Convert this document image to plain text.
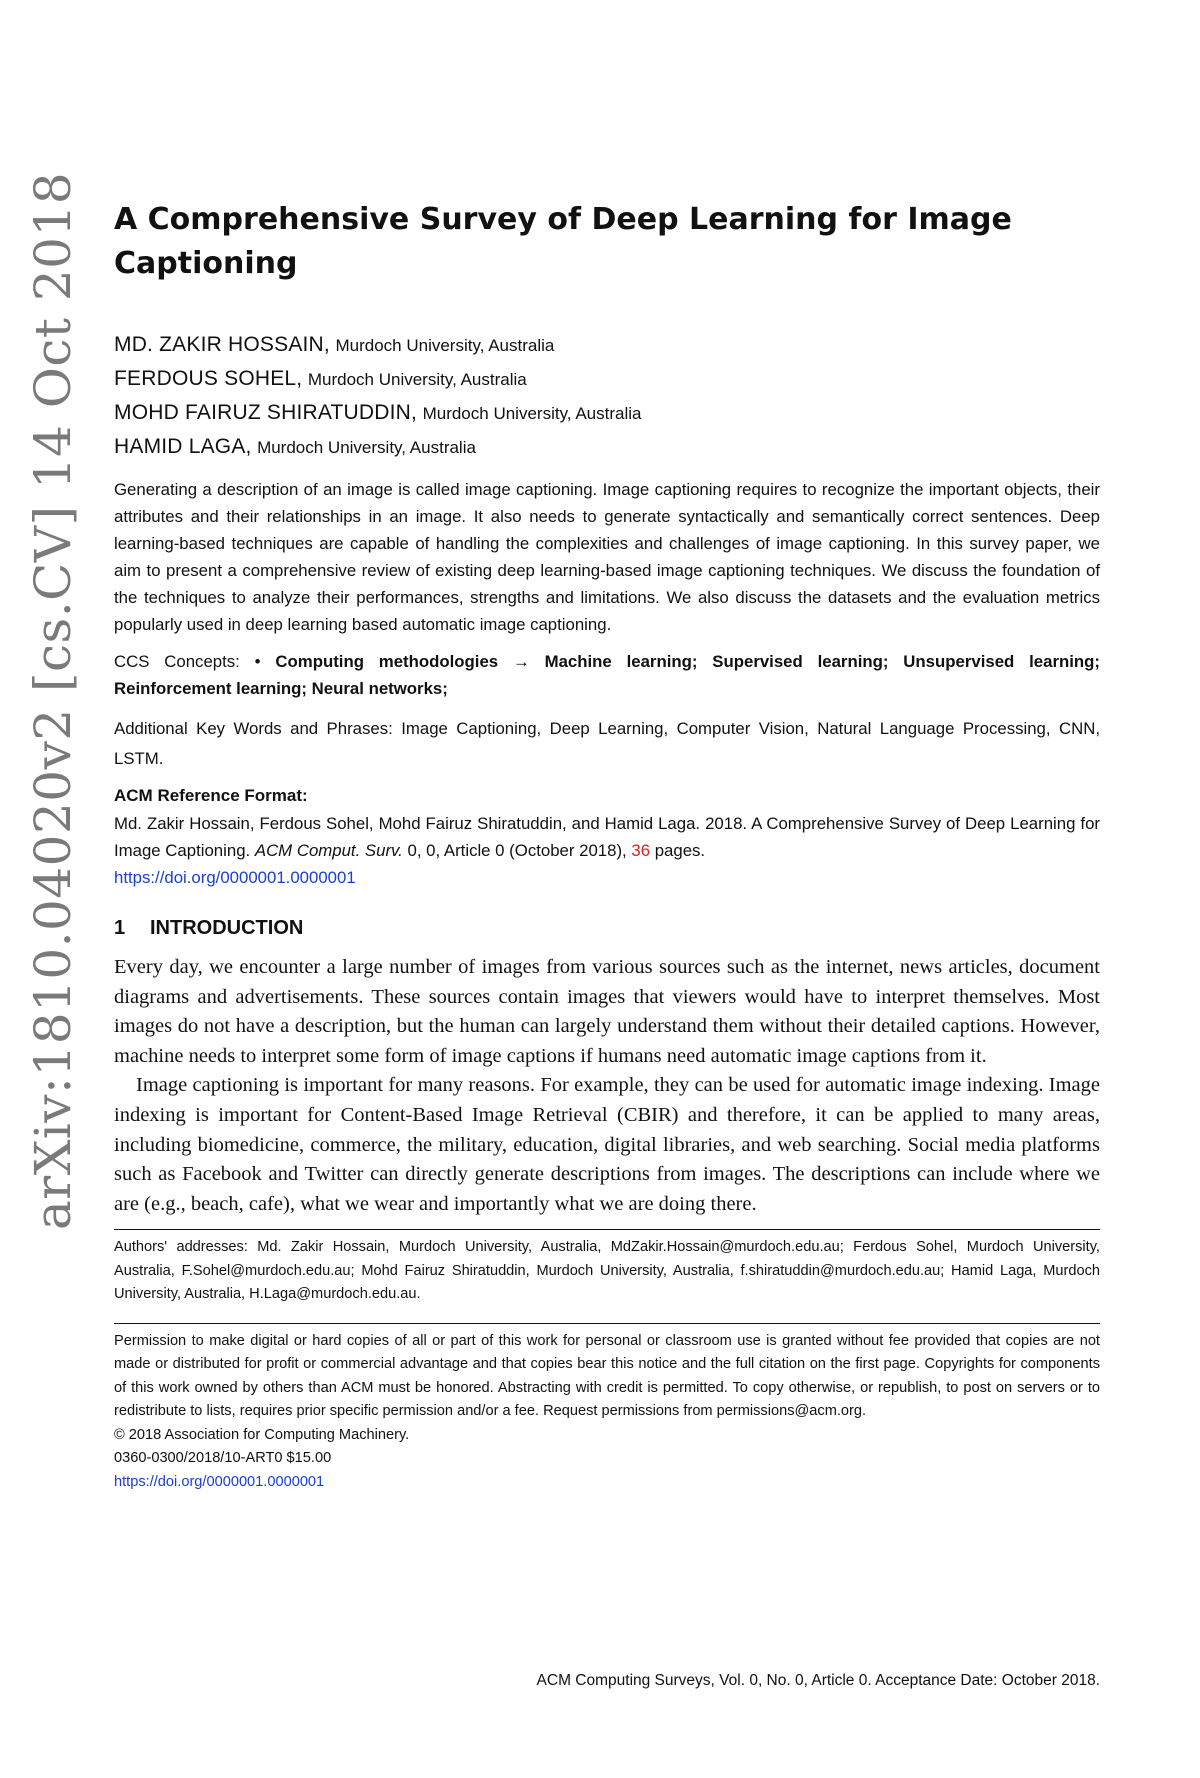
arXiv:1810.04020v2 [cs.CV] 14 Oct 2018 A Comprehensive Survey of Deep Learning for Image Captioning
MD. ZAKIR HOSSAIN, Murdoch University, Australia
FERDOUS SOHEL, Murdoch University, Australia
MOHD FAIRUZ SHIRATUDDIN, Murdoch University, Australia
HAMID LAGA, Murdoch University, Australia
Generating a description of an image is called image captioning. Image captioning requires to recognize the important objects, their attributes and their relationships in an image. It also needs to generate syntactically and semantically correct sentences. Deep learning-based techniques are capable of handling the complexities and challenges of image captioning. In this survey paper, we aim to present a comprehensive review of existing deep learning-based image captioning techniques. We discuss the foundation of the techniques to analyze their performances, strengths and limitations. We also discuss the datasets and the evaluation metrics popularly used in deep learning based automatic image captioning.
CCS Concepts: • Computing methodologies → Machine learning; Supervised learning; Unsupervised learning; Reinforcement learning; Neural networks;
Additional Key Words and Phrases: Image Captioning, Deep Learning, Computer Vision, Natural Language Processing, CNN, LSTM.
ACM Reference Format:
Md. Zakir Hossain, Ferdous Sohel, Mohd Fairuz Shiratuddin, and Hamid Laga. 2018. A Comprehensive Survey of Deep Learning for Image Captioning. ACM Comput. Surv. 0, 0, Article 0 (October 2018), 36 pages.
https://doi.org/0000001.0000001
1 INTRODUCTION

Every day, we encounter a large number of images from various sources such as the internet, news articles, document diagrams and advertisements. These sources contain images that viewers would have to interpret themselves. Most images do not have a description, but the human can largely understand them without their detailed captions. However, machine needs to interpret some form of image captions if humans need automatic image captions from it.

Image captioning is important for many reasons. For example, they can be used for automatic image indexing. Image indexing is important for Content-Based Image Retrieval (CBIR) and therefore, it can be applied to many areas, including biomedicine, commerce, the military, education, digital libraries, and web searching. Social media platforms such as Facebook and Twitter can directly generate descriptions from images. The descriptions can include where we are (e.g., beach, cafe), what we wear and importantly what we are doing there.

Authors' addresses: Md. Zakir Hossain, Murdoch University, Australia, MdZakir.Hossain@murdoch.edu.au; Ferdous Sohel, Murdoch University, Australia, F.Sohel@murdoch.edu.au; Mohd Fairuz Shiratuddin, Murdoch University, Australia, f.shiratuddin@murdoch.edu.au; Hamid Laga, Murdoch University, Australia, H.Laga@murdoch.edu.au.
Permission to make digital or hard copies of all or part of this work for personal or classroom use is granted without fee provided that copies are not made or distributed for profit or commercial advantage and that copies bear this notice and the full citation on the first page. Copyrights for components of this work owned by others than ACM must be honored. Abstracting with credit is permitted. To copy otherwise, or republish, to post on servers or to redistribute to lists, requires prior specific permission and/or a fee. Request permissions from permissions@acm.org.
© 2018 Association for Computing Machinery.
0360-0300/2018/10-ART0 $15.00
https://doi.org/0000001.0000001
ACM Computing Surveys, Vol. 0, No. 0, Article 0. Acceptance Date: October 2018.
